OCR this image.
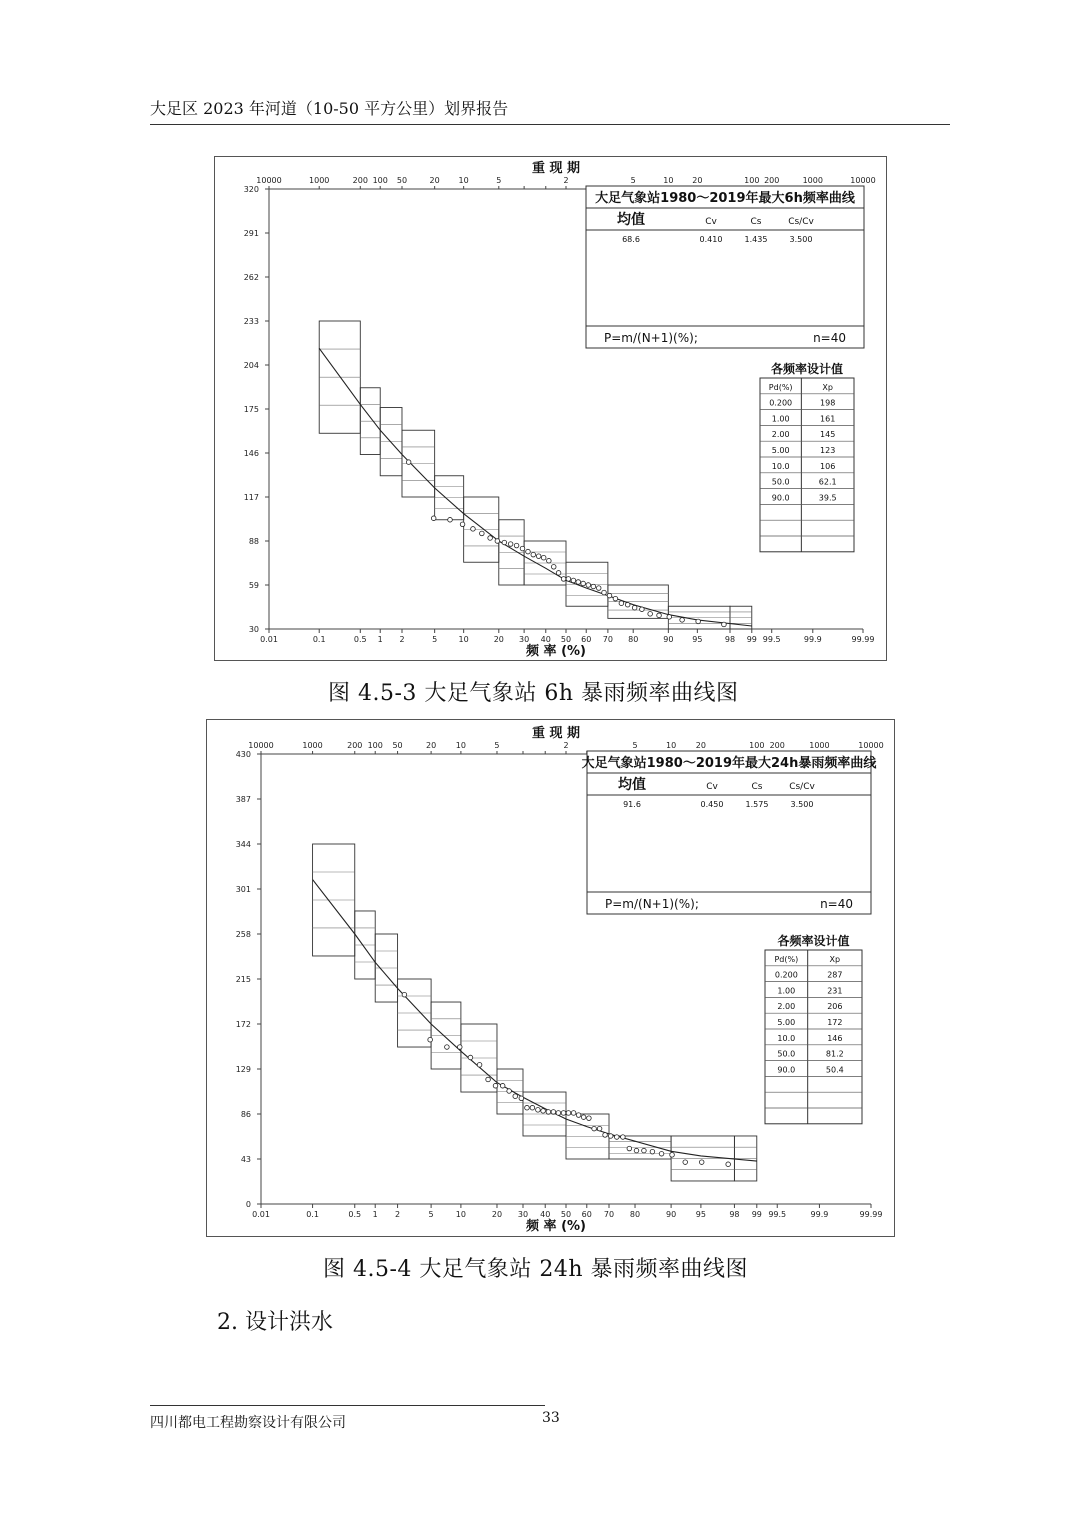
大足区 2023 年河道（10-50 平方公里）划界报告
30
59
88
117
146
175
204
233
262
291
320
0.01	0.1	0.5 1 2	5	10	20 30 40 50 60 70 80	90 95	98 99 99.5	99.9	99.99
10000	1000	200 100 50	20 10	5	2	5	10 20	100 200	1000	10000
重 现 期
频 率 (%)
大足气象站1980～2019年最大6h频率曲线
均值	Cv	Cs	Cs/Cv
68.6	0.410	1.435	3.500
P=m/(N+1)(%);	n=40
各频率设计值
Pd(%)	Xp
0.200	198
1.00	161
2.00	145
5.00	123
10.0	106
50.0	62.1
90.0	39.5
图 4.5-3 大足气象站 6h 暴雨频率曲线图
0
43
86
129
172
215
258
301
344
387
430
0.01	0.1	0.5 1 2	5	10	20 30 40 50 60 70 80	90 95	98 99 99.5	99.9	99.99
10000	1000	200 100 50	20 10	5	2	5	10 20	100 200	1000	10000
重 现 期
频 率 (%)
大足气象站1980～2019年最大24h暴雨频率曲线
均值	Cv	Cs	Cs/Cv
91.6	0.450	1.575	3.500
P=m/(N+1)(%);	n=40
各频率设计值
Pd(%)	Xp
0.200	287
1.00	231
2.00	206
5.00	172
10.0	146
50.0	81.2
90.0	50.4
图 4.5-4 大足气象站 24h 暴雨频率曲线图
2. 设计洪水
四川都电工程勘察设计有限公司	33
